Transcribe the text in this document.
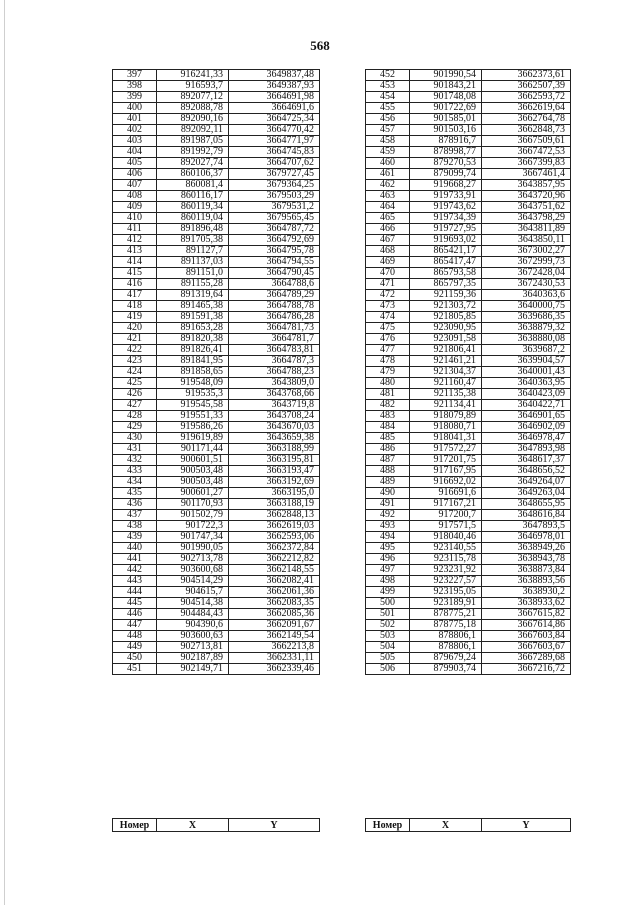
568
397	916241,33	3649837,48
398	916593,7	3649387,93
399	892077,12	3664691,98
400	892088,78	3664691,6
401	892090,16	3664725,34
402	892092,11	3664770,42
403	891987,05	3664771,97
404	891992,79	3664745,83
405	892027,74	3664707,62
406	860106,37	3679727,45
407	860081,4	3679364,25
408	860116,17	3679503,29
409	860119,34	3679531,2
410	860119,04	3679565,45
411	891896,48	3664787,72
412	891705,38	3664792,69
413	891127,7	3664795,78
414	891137,03	3664794,55
415	891151,0	3664790,45
416	891155,28	3664788,6
417	891319,64	3664789,29
418	891465,38	3664788,78
419	891591,38	3664786,28
420	891653,28	3664781,73
421	891820,38	3664781,7
422	891826,41	3664783,81
423	891841,95	3664787,3
424	891858,65	3664788,23
425	919548,09	3643809,0
426	919535,3	3643768,66
427	919545,58	3643719,8
428	919551,33	3643708,24
429	919586,26	3643670,03
430	919619,89	3643659,38
431	901171,44	3663188,99
432	900601,51	3663195,81
433	900503,48	3663193,47
434	900503,48	3663192,69
435	900601,27	3663195,0
436	901170,93	3663188,19
437	901502,79	3662848,13
438	901722,3	3662619,03
439	901747,34	3662593,06
440	901990,05	3662372,84
441	902713,78	3662212,82
442	903600,68	3662148,55
443	904514,29	3662082,41
444	904615,7	3662061,36
445	904514,38	3662083,35
446	904484,43	3662085,36
447	904390,6	3662091,67
448	903600,63	3662149,54
449	902713,81	3662213,8
450	902187,89	3662331,11
451	902149,71	3662339,46
452	901990,54	3662373,61
453	901843,21	3662507,39
454	901748,08	3662593,72
455	901722,69	3662619,64
456	901585,01	3662764,78
457	901503,16	3662848,73
458	878916,7	3667509,61
459	878998,77	3667472,53
460	879270,53	3667399,83
461	879099,74	3667461,4
462	919668,27	3643857,95
463	919733,91	3643720,96
464	919743,62	3643751,62
465	919734,39	3643798,29
466	919727,95	3643811,89
467	919693,02	3643850,11
468	865421,17	3673002,27
469	865417,47	3672999,73
470	865793,58	3672428,04
471	865797,35	3672430,53
472	921159,36	3640363,6
473	921303,72	3640000,75
474	921805,85	3639686,35
475	923090,95	3638879,32
476	923091,58	3638880,08
477	921806,41	3639687,2
478	921461,21	3639904,57
479	921304,37	3640001,43
480	921160,47	3640363,95
481	921135,38	3640423,09
482	921134,41	3640422,71
483	918079,89	3646901,65
484	918080,71	3646902,09
485	918041,31	3646978,47
486	917572,27	3647893,98
487	917201,75	3648617,37
488	917167,95	3648656,52
489	916692,02	3649264,07
490	916691,6	3649263,04
491	917167,21	3648655,95
492	917200,7	3648616,84
493	917571,5	3647893,5
494	918040,46	3646978,01
495	923140,55	3638949,26
496	923115,78	3638943,78
497	923231,92	3638873,84
498	923227,57	3638893,56
499	923195,05	3638930,2
500	923189,91	3638933,62
501	878775,21	3667615,82
502	878775,18	3667614,86
503	878806,1	3667603,84
504	878806,1	3667603,67
505	879679,24	3667289,68
506	879903,74	3667216,72
Номер	X	Y	Номер	X	Y
